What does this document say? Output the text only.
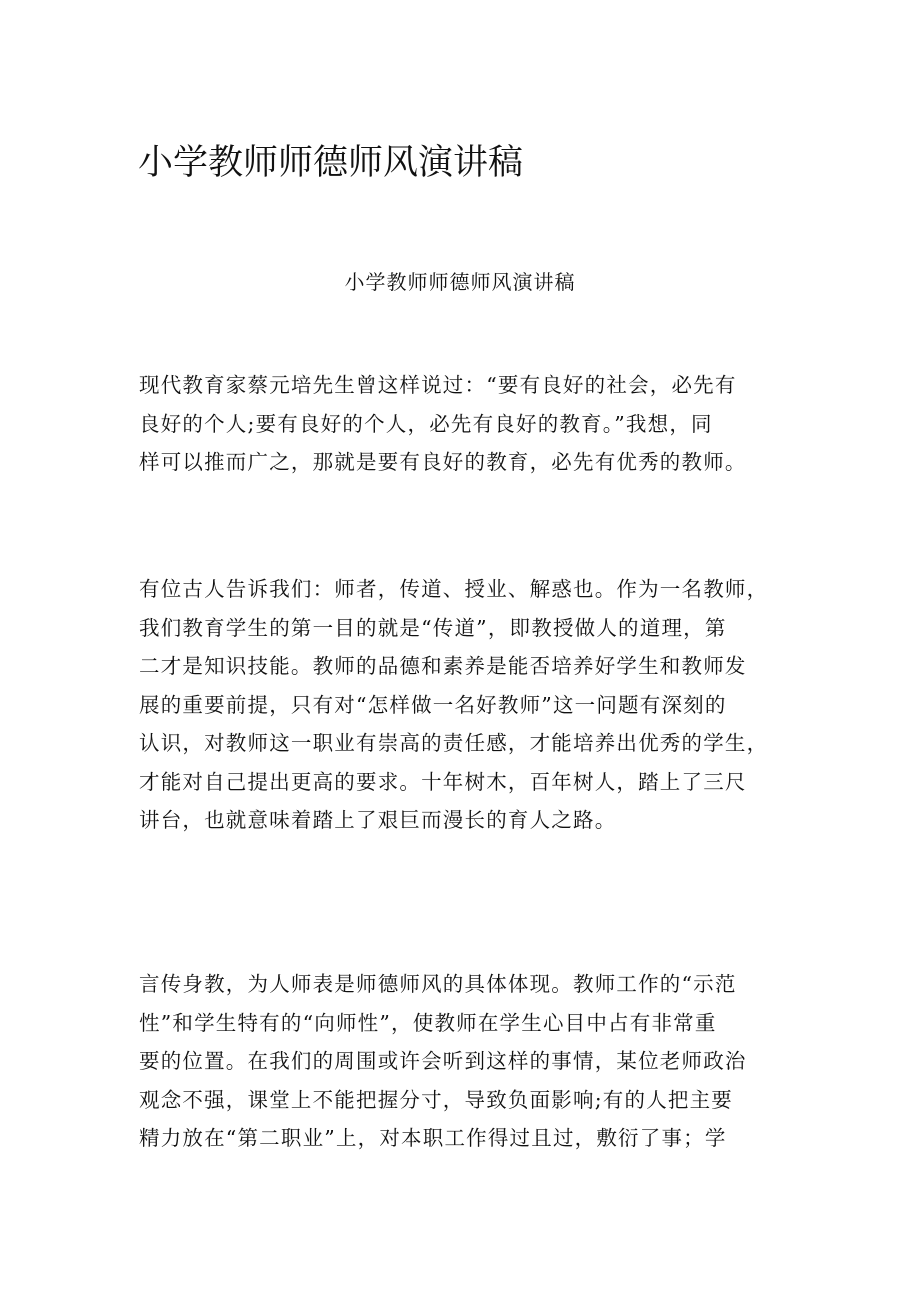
小学教师师德师风演讲稿
小学教师师德师风演讲稿
现代教育家蔡元培先生曾这样说过：“要有良好的社会，必先有
良好的个人;要有良好的个人，必先有良好的教育。”我想，同
样可以推而广之，那就是要有良好的教育，必先有优秀的教师。
有位古人告诉我们：师者，传道、授业、解惑也。作为一名教师，
我们教育学生的第一目的就是“传道”，即教授做人的道理，第
二才是知识技能。教师的品德和素养是能否培养好学生和教师发
展的重要前提，只有对“怎样做一名好教师”这一问题有深刻的
认识，对教师这一职业有崇高的责任感，才能培养出优秀的学生，
才能对自己提出更高的要求。十年树木，百年树人，踏上了三尺
讲台，也就意味着踏上了艰巨而漫长的育人之路。
言传身教，为人师表是师德师风的具体体现。教师工作的“示范
性”和学生特有的“向师性”，使教师在学生心目中占有非常重
要的位置。在我们的周围或许会听到这样的事情，某位老师政治
观念不强，课堂上不能把握分寸，导致负面影响;有的人把主要
精力放在“第二职业”上，对本职工作得过且过，敷衍了事；学
